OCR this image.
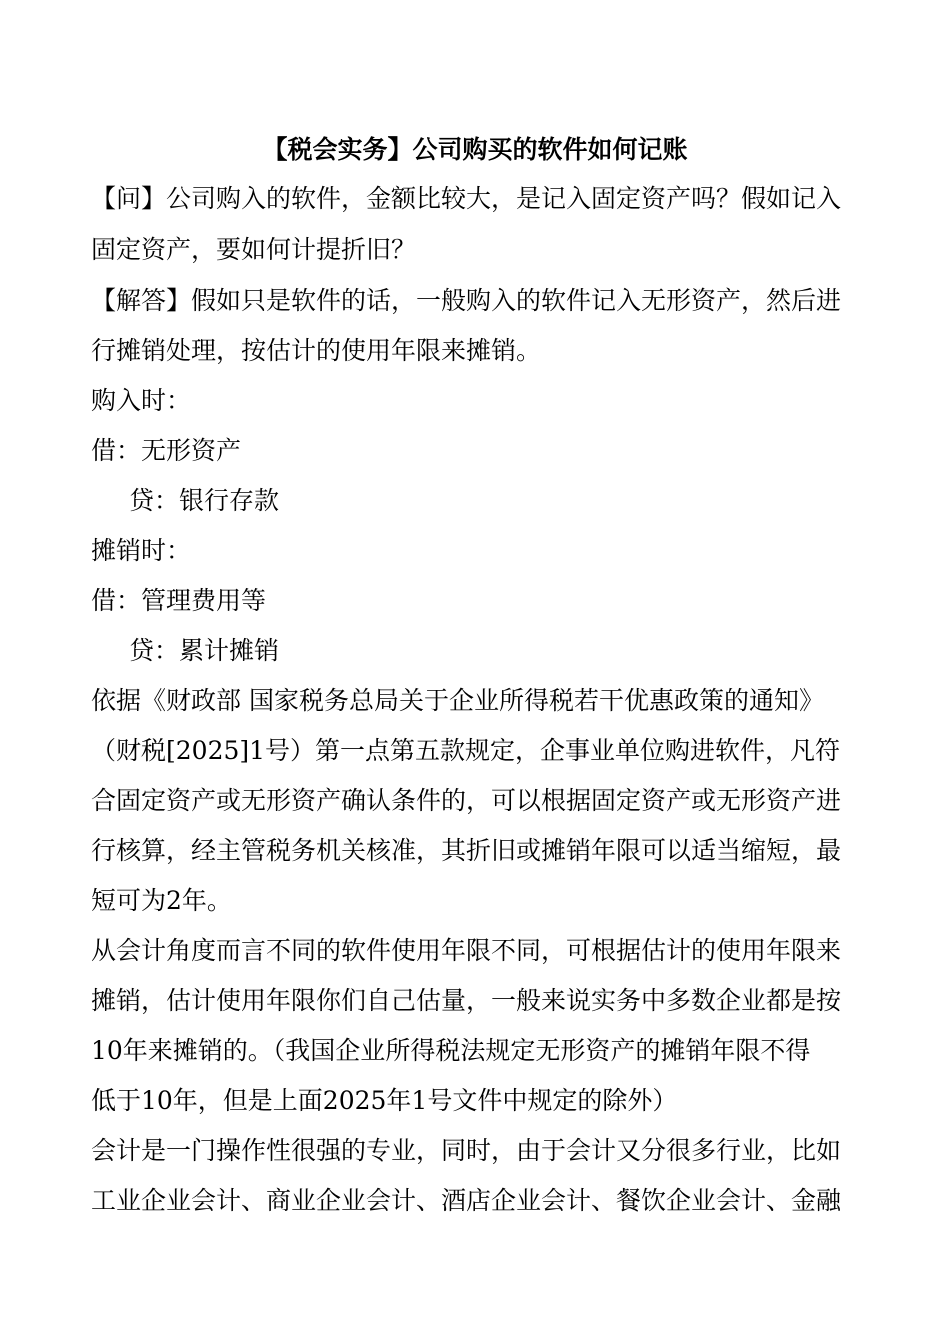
【税会实务】公司购买的软件如何记账
【问】公司购入的软件，金额比较大，是记入固定资产吗？假如记入
固定资产，要如何计提折旧？
【解答】假如只是软件的话，一般购入的软件记入无形资产，然后进
行摊销处理，按估计的使用年限来摊销。
购入时：
借：无形资产
贷：银行存款
摊销时：
借：管理费用等
贷：累计摊销
依据《财政部 国家税务总局关于企业所得税若干优惠政策的通知》
（财税[2025]1号）第一点第五款规定，企事业单位购进软件，凡符
合固定资产或无形资产确认条件的，可以根据固定资产或无形资产进
行核算，经主管税务机关核准，其折旧或摊销年限可以适当缩短，最
短可为2年。
从会计角度而言不同的软件使用年限不同，可根据估计的使用年限来
摊销，估计使用年限你们自己估量，一般来说实务中多数企业都是按
10年来摊销的。（我国企业所得税法规定无形资产的摊销年限不得
低于10年，但是上面2025年1号文件中规定的除外）
会计是一门操作性很强的专业，同时，由于会计又分很多行业，比如
工业企业会计、商业企业会计、酒店企业会计、餐饮企业会计、金融
